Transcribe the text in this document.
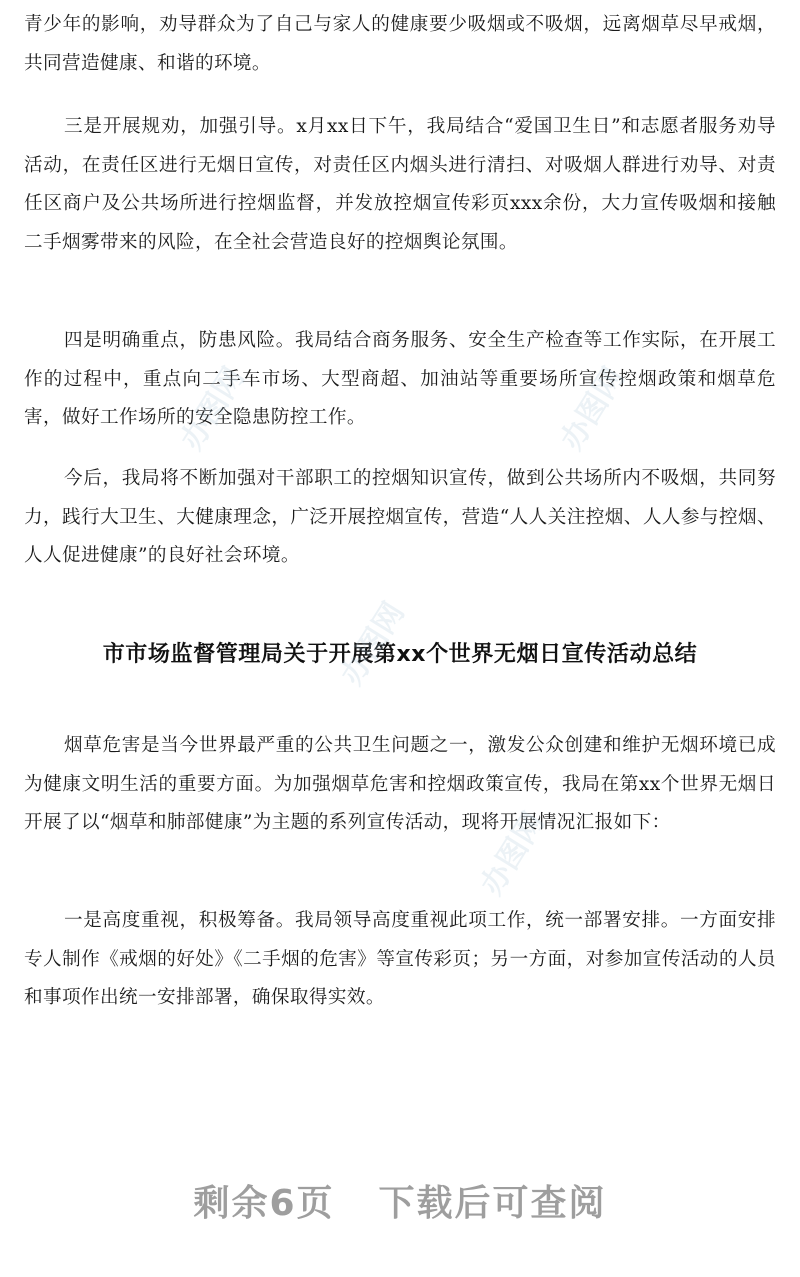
青少年的影响，劝导群众为了自己与家人的健康要少吸烟或不吸烟，远离烟草尽早戒烟，共同营造健康、和谐的环境。

三是开展规劝，加强引导。x月xx日下午，我局结合“爱国卫生日”和志愿者服务劝导活动，在责任区进行无烟日宣传，对责任区内烟头进行清扫、对吸烟人群进行劝导、对责任区商户及公共场所进行控烟监督，并发放控烟宣传彩页xxx余份，大力宣传吸烟和接触二手烟雾带来的风险，在全社会营造良好的控烟舆论氛围。

四是明确重点，防患风险。我局结合商务服务、安全生产检查等工作实际，在开展工作的过程中，重点向二手车市场、大型商超、加油站等重要场所宣传控烟政策和烟草危害，做好工作场所的安全隐患防控工作。

今后，我局将不断加强对干部职工的控烟知识宣传，做到公共场所内不吸烟，共同努力，践行大卫生、大健康理念，广泛开展控烟宣传，营造“人人关注控烟、人人参与控烟、人人促进健康”的良好社会环境。

市市场监督管理局关于开展第xx个世界无烟日宣传活动总结

烟草危害是当今世界最严重的公共卫生问题之一，激发公众创建和维护无烟环境已成为健康文明生活的重要方面。为加强烟草危害和控烟政策宣传，我局在第xx个世界无烟日开展了以“烟草和肺部健康”为主题的系列宣传活动，现将开展情况汇报如下：

一是高度重视，积极筹备。我局领导高度重视此项工作，统一部署安排。一方面安排专人制作《戒烟的好处》《二手烟的危害》等宣传彩页；另一方面，对参加宣传活动的人员和事项作出统一安排部署，确保取得实效。

办图网	办图网
办图网
办图网
剩余6页 下载后可查阅
